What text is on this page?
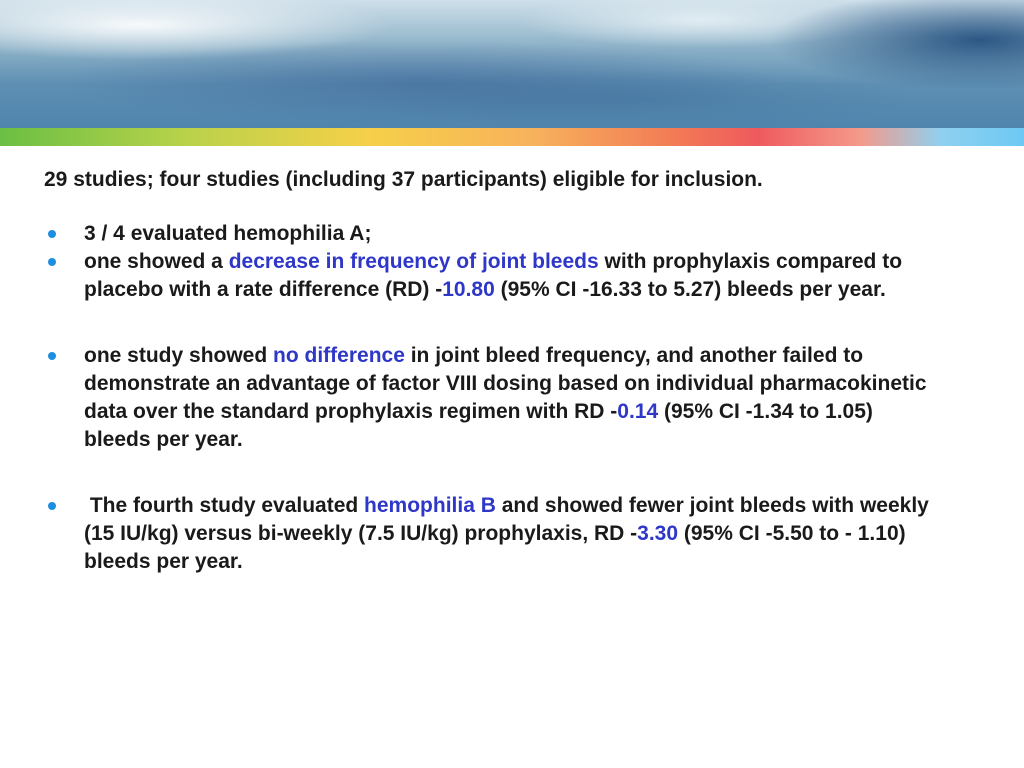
29 studies; four studies (including 37 participants) eligible for inclusion.

3 / 4 evaluated hemophilia A;
one showed a decrease in frequency of joint bleeds with prophylaxis compared to placebo with a rate difference (RD) -10.80 (95% CI -16.33 to 5.27) bleeds per year.
one study showed no difference in joint bleed frequency, and another failed to demonstrate an advantage of factor VIII dosing based on individual pharmacokinetic data over the standard prophylaxis regimen with RD -0.14 (95% CI -1.34 to 1.05) bleeds per year.
The fourth study evaluated hemophilia B and showed fewer joint bleeds with weekly (15 IU/kg) versus bi-weekly (7.5 IU/kg) prophylaxis, RD -3.30 (95% CI -5.50 to - 1.10) bleeds per year.
